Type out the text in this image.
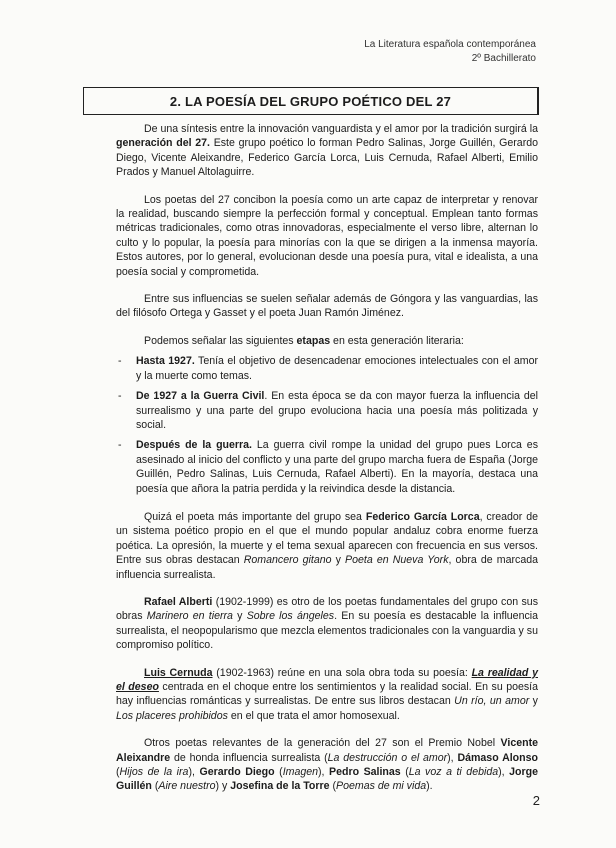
La Literatura española contemporánea
2º Bachillerato
2. LA POESÍA DEL GRUPO POÉTICO DEL 27

De una síntesis entre la innovación vanguardista y el amor por la tradición surgirá la generación del 27. Este grupo poético lo forman Pedro Salinas, Jorge Guillén, Gerardo Diego, Vicente Aleixandre, Federico García Lorca, Luis Cernuda, Rafael Alberti, Emilio Prados y Manuel Altolaguirre.

Los poetas del 27 concibon la poesía como un arte capaz de interpretar y renovar la realidad, buscando siempre la perfección formal y conceptual. Emplean tanto formas métricas tradicionales, como otras innovadoras, especialmente el verso libre, alternan lo culto y lo popular, la poesía para minorías con la que se dirigen a la inmensa mayoría. Estos autores, por lo general, evolucionan desde una poesía pura, vital e idealista, a una poesía social y comprometida.

Entre sus influencias se suelen señalar además de Góngora y las vanguardias, las del filósofo Ortega y Gasset y el poeta Juan Ramón Jiménez.

Podemos señalar las siguientes etapas en esta generación literaria:

- Hasta 1927. Tenía el objetivo de desencadenar emociones intelectuales con el amor y la muerte como temas.
- De 1927 a la Guerra Civil. En esta época se da con mayor fuerza la influencia del surrealismo y una parte del grupo evoluciona hacia una poesía más politizada y social.
- Después de la guerra. La guerra civil rompe la unidad del grupo pues Lorca es asesinado al inicio del conflicto y una parte del grupo marcha fuera de España (Jorge Guillén, Pedro Salinas, Luis Cernuda, Rafael Alberti). En la mayoría, destaca una poesía que añora la patria perdida y la reivindica desde la distancia.

Quizá el poeta más importante del grupo sea Federico García Lorca, creador de un sistema poético propio en el que el mundo popular andaluz cobra enorme fuerza poética. La opresión, la muerte y el tema sexual aparecen con frecuencia en sus versos. Entre sus obras destacan Romancero gitano y Poeta en Nueva York, obra de marcada influencia surrealista.

Rafael Alberti (1902-1999) es otro de los poetas fundamentales del grupo con sus obras Marinero en tierra y Sobre los ángeles. En su poesía es destacable la influencia surrealista, el neopopularismo que mezcla elementos tradicionales con la vanguardia y su compromiso político.

Luis Cernuda (1902-1963) reúne en una sola obra toda su poesía: La realidad y el deseo centrada en el choque entre los sentimientos y la realidad social. En su poesía hay influencias románticas y surrealistas. De entre sus libros destacan Un río, un amor y Los placeres prohibidos en el que trata el amor homosexual.

Otros poetas relevantes de la generación del 27 son el Premio Nobel Vicente Aleixandre de honda influencia surrealista (La destrucción o el amor), Dámaso Alonso (Hijos de la ira), Gerardo Diego (Imagen), Pedro Salinas (La voz a ti debida), Jorge Guillén (Aire nuestro) y Josefina de la Torre (Poemas de mi vida).

2
